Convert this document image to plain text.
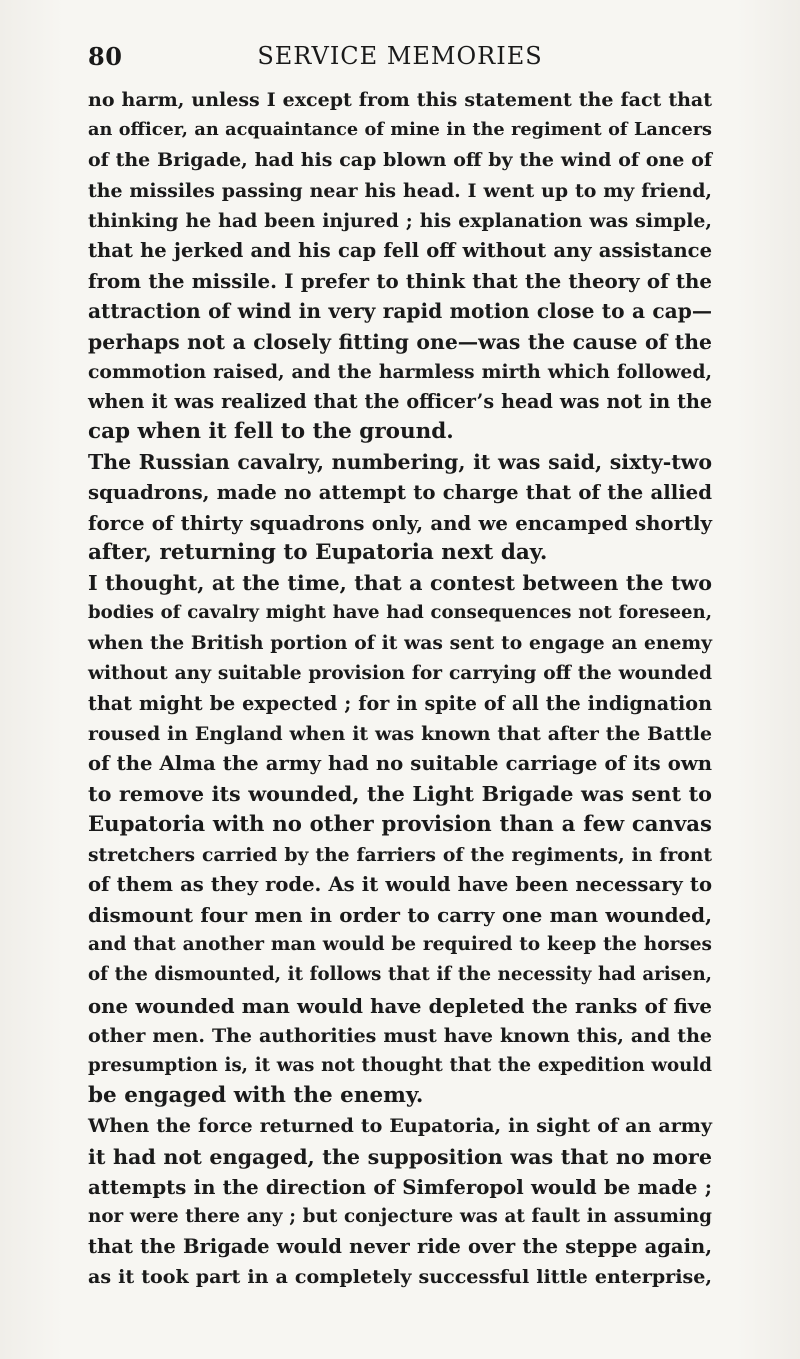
80	SERVICE MEMORIES
no harm, unless I except from this statement the fact that
an officer, an acquaintance of mine in the regiment of Lancers
of the Brigade, had his cap blown off by the wind of one of
the missiles passing near his head. I went up to my friend,
thinking he had been injured ; his explanation was simple,
that he jerked and his cap fell off without any assistance
from the missile. I prefer to think that the theory of the
attraction of wind in very rapid motion close to a cap—
perhaps not a closely fitting one—was the cause of the
commotion raised, and the harmless mirth which followed,
when it was realized that the officer’s head was not in the
cap when it fell to the ground.
The Russian cavalry, numbering, it was said, sixty-two
squadrons, made no attempt to charge that of the allied
force of thirty squadrons only, and we encamped shortly
after, returning to Eupatoria next day.
I thought, at the time, that a contest between the two
bodies of cavalry might have had consequences not foreseen,
when the British portion of it was sent to engage an enemy
without any suitable provision for carrying off the wounded
that might be expected ; for in spite of all the indignation
roused in England when it was known that after the Battle
of the Alma the army had no suitable carriage of its own
to remove its wounded, the Light Brigade was sent to
Eupatoria with no other provision than a few canvas
stretchers carried by the farriers of the regiments, in front
of them as they rode. As it would have been necessary to
dismount four men in order to carry one man wounded,
and that another man would be required to keep the horses
of the dismounted, it follows that if the necessity had arisen,
one wounded man would have depleted the ranks of five
other men. The authorities must have known this, and the
presumption is, it was not thought that the expedition would
be engaged with the enemy.
When the force returned to Eupatoria, in sight of an army
it had not engaged, the supposition was that no more
attempts in the direction of Simferopol would be made ;
nor were there any ; but conjecture was at fault in assuming
that the Brigade would never ride over the steppe again,
as it took part in a completely successful little enterprise,
